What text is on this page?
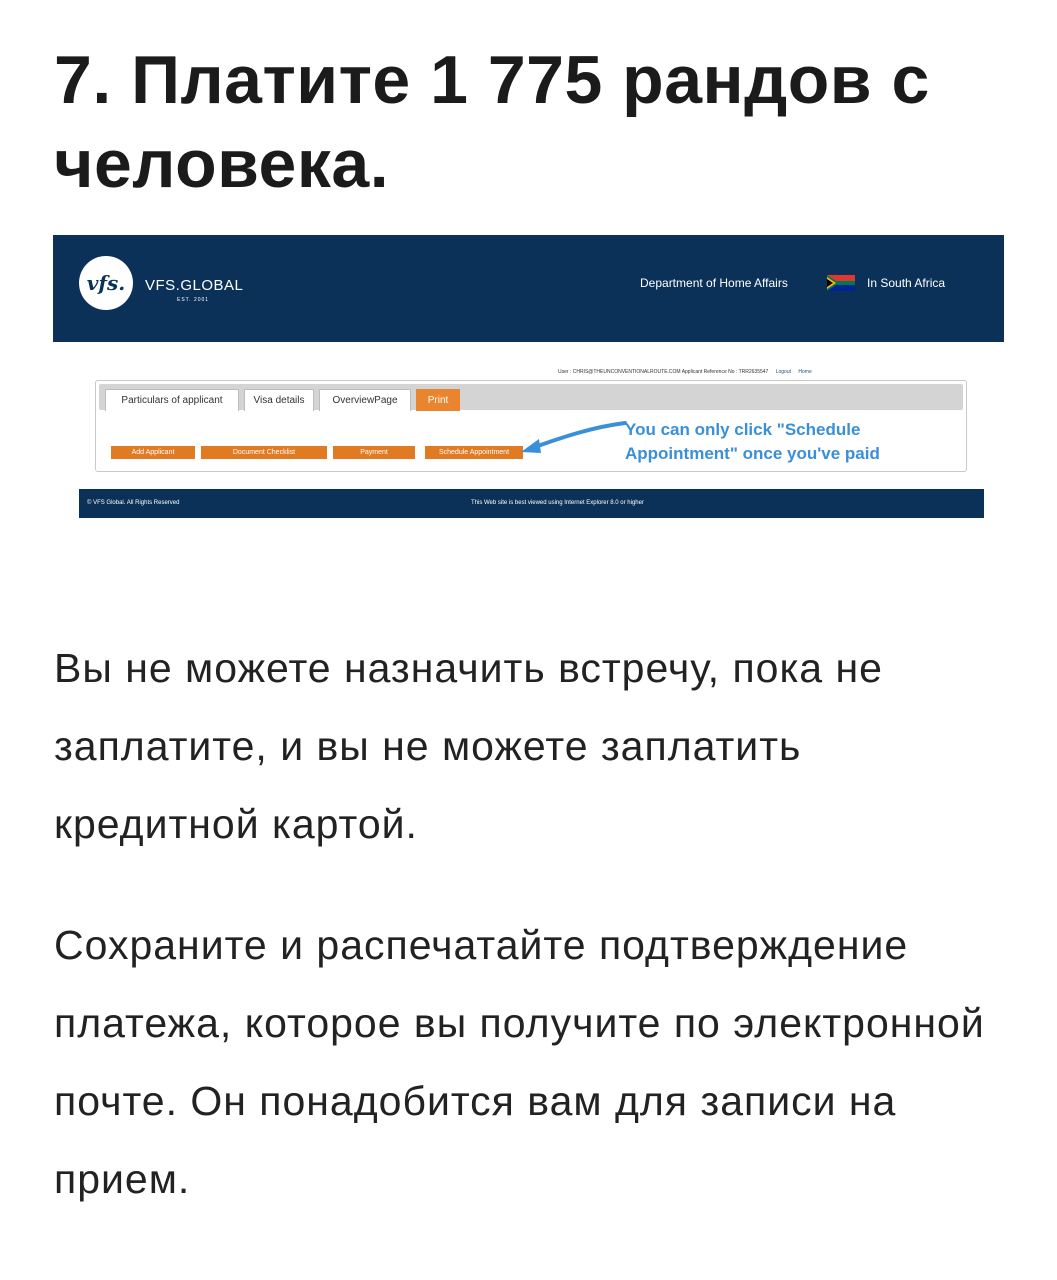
7. Платите 1 775 рандов с человека.
vfs.	VFS.GLOBAL
EST. 2001
Department of Home Affairs	In South Africa
User : CHRIS@THEUNCONVENTIONALROUTE.COM Applicant Reference No : TRR2635547 Logout Home
Particulars of applicant	Visa details	OverviewPage	Print
Add Applicant	Document Checklist	Payment	Schedule Appointment
You can only click "Schedule Appointment" once you've paid
© VFS Global. All Rights Reserved	This Web site is best viewed using Internet Explorer 8.0 or higher

Вы не можете назначить встречу, пока не заплатите, и вы не можете заплатить кредитной картой.

Сохраните и распечатайте подтверждение платежа, которое вы получите по электронной почте. Он понадобится вам для записи на прием.
